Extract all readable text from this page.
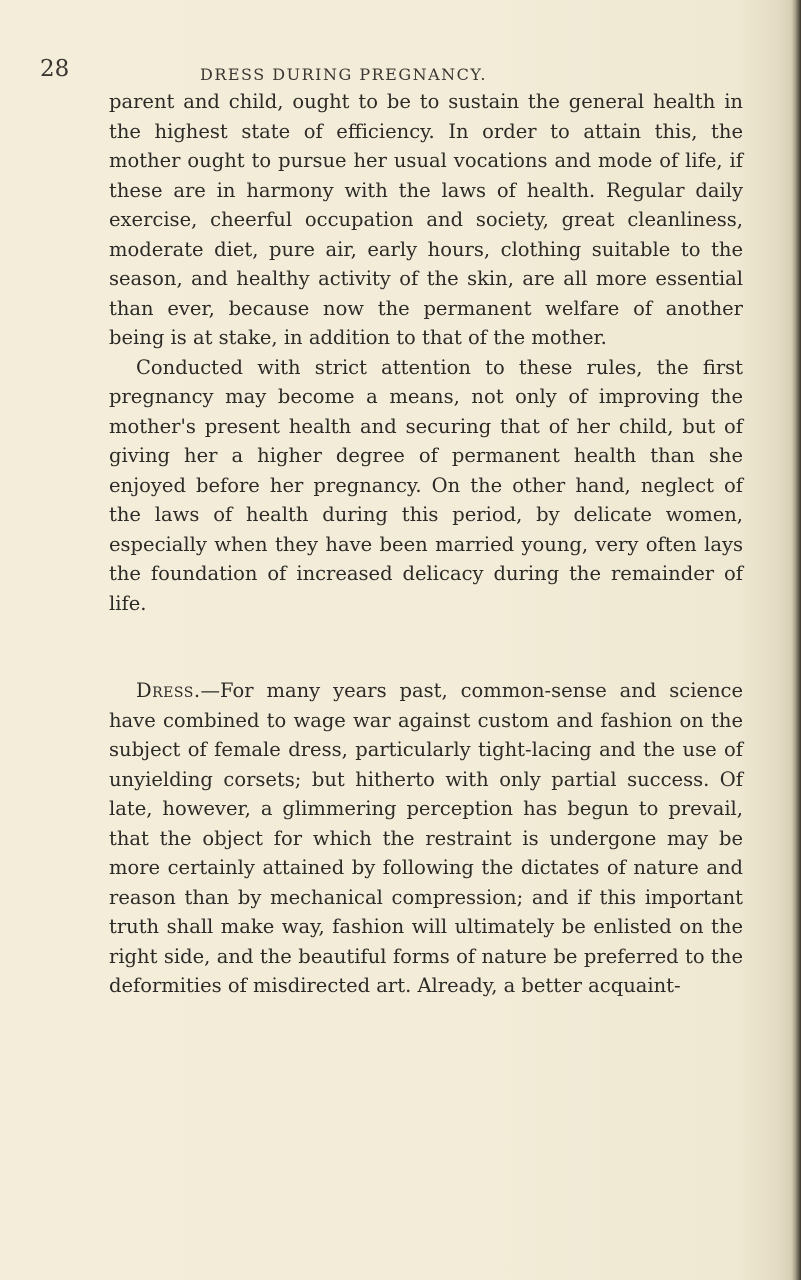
28	DRESS DURING PREGNANCY.

parent and child, ought to be to sustain the general health in the highest state of efficiency. In order to attain this, the mother ought to pursue her usual vocations and mode of life, if these are in harmony with the laws of health. Regular daily exercise, cheerful occupation and society, great cleanliness, moderate diet, pure air, early hours, clothing suitable to the season, and healthy activity of the skin, are all more essential than ever, because now the permanent welfare of another being is at stake, in addition to that of the mother.

Conducted with strict attention to these rules, the first pregnancy may become a means, not only of improving the mother's present health and securing that of her child, but of giving her a higher degree of permanent health than she enjoyed before her pregnancy. On the other hand, neglect of the laws of health during this period, by delicate women, especially when they have been married young, very often lays the foundation of increased delicacy during the remainder of life.

Dress.—For many years past, common-sense and science have combined to wage war against custom and fashion on the subject of female dress, particularly tight-lacing and the use of unyielding corsets; but hitherto with only partial success. Of late, however, a glimmering perception has begun to prevail, that the object for which the restraint is undergone may be more certainly attained by following the dictates of nature and reason than by mechanical compression; and if this important truth shall make way, fashion will ultimately be enlisted on the right side, and the beautiful forms of nature be preferred to the deformities of misdirected art. Already, a better acquaint-
